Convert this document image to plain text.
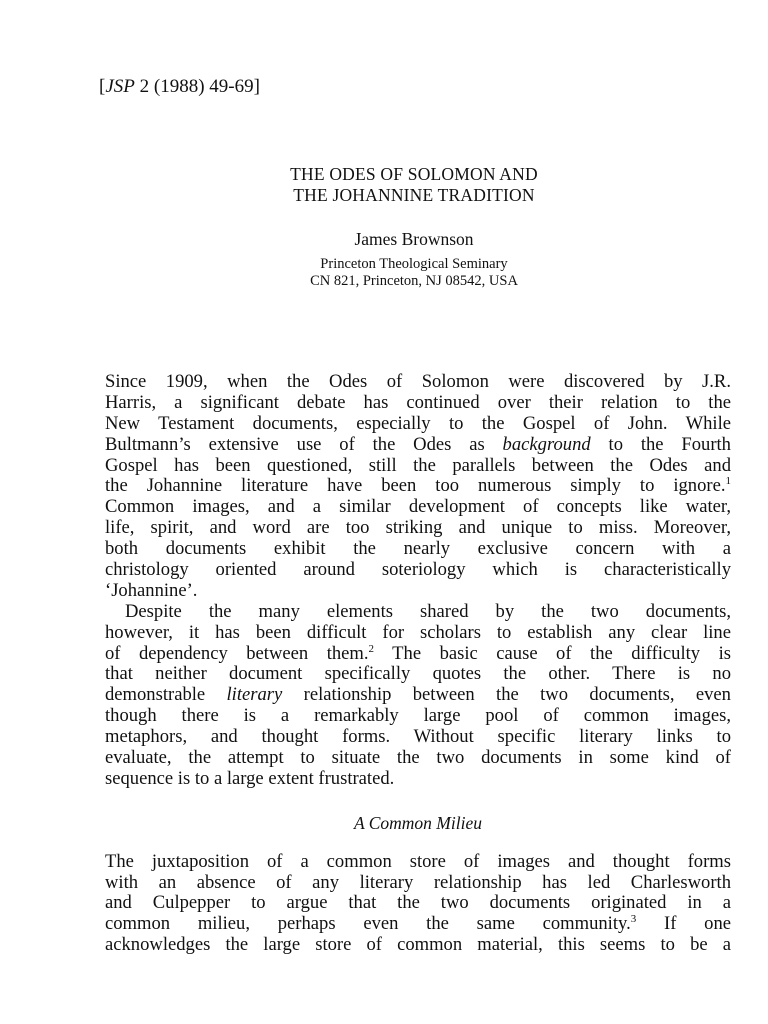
[JSP 2 (1988) 49-69]
THE ODES OF SOLOMON AND
THE JOHANNINE TRADITION
James Brownson
Princeton Theological Seminary
CN 821, Princeton, NJ 08542, USA
Since 1909, when the Odes of Solomon were discovered by J.R.
Harris, a significant debate has continued over their relation to the
New Testament documents, especially to the Gospel of John. While
Bultmann’s extensive use of the Odes as background to the Fourth
Gospel has been questioned, still the parallels between the Odes and
the Johannine literature have been too numerous simply to ignore.$^1$
Common images, and a similar development of concepts like water,
life, spirit, and word are too striking and unique to miss. Moreover,
both documents exhibit the nearly exclusive concern with a
christology oriented around soteriology which is characteristically
‘Johannine’.
Despite the many elements shared by the two documents,
however, it has been difficult for scholars to establish any clear line
of dependency between them.$^2$ The basic cause of the difficulty is
that neither document specifically quotes the other. There is no
demonstrable literary relationship between the two documents, even
though there is a remarkably large pool of common images,
metaphors, and thought forms. Without specific literary links to
evaluate, the attempt to situate the two documents in some kind of
sequence is to a large extent frustrated.
A Common Milieu
The juxtaposition of a common store of images and thought forms
with an absence of any literary relationship has led Charlesworth
and Culpepper to argue that the two documents originated in a
common milieu, perhaps even the same community.$^3$ If one
acknowledges the large store of common material, this seems to be a
